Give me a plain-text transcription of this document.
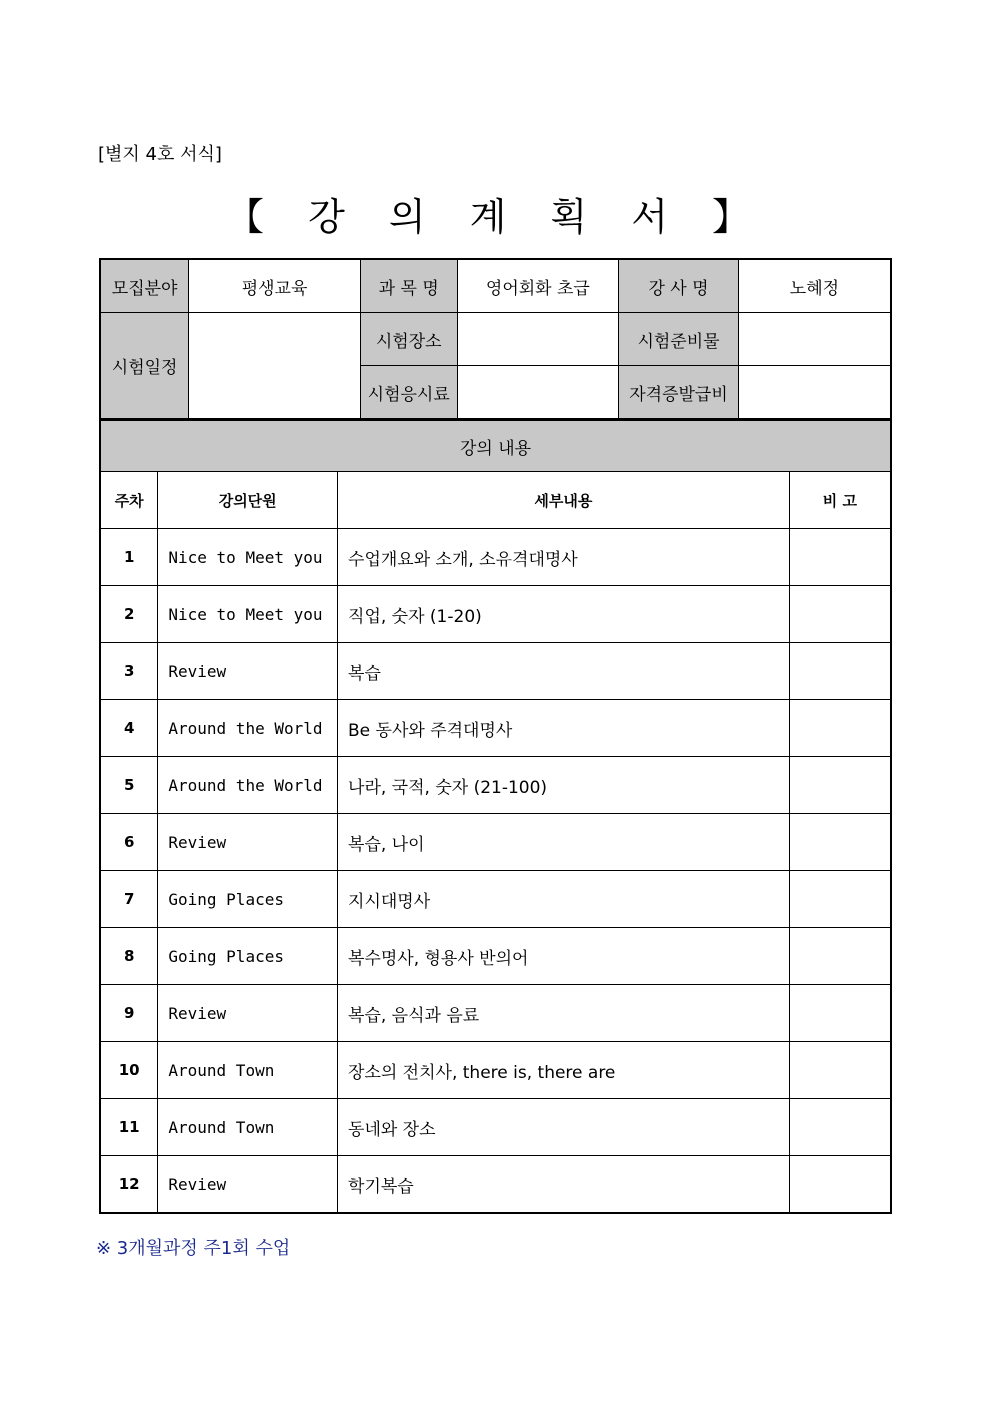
[별지 4호 서식]
【 강 의 계 획 서 】
모집분야	평생교육	과 목 명	영어회화 초급	강 사 명	노혜정
시험일정		시험장소		시험준비물	
		시험응시료		자격증발급비	
강의 내용			
주차	강의단원	세부내용	비 고
1	Nice to Meet you	수업개요와 소개, 소유격대명사	
2	Nice to Meet you	직업, 숫자 (1-20)	
3	Review	복습	
4	Around the World	Be 동사와 주격대명사	
5	Around the World	나라, 국적, 숫자 (21-100)	
6	Review	복습, 나이	
7	Going Places	지시대명사	
8	Going Places	복수명사, 형용사 반의어	
9	Review	복습, 음식과 음료	
10	Around Town	장소의 전치사, there is, there are	
11	Around Town	동네와 장소	
12	Review	학기복습	
※ 3개월과정 주1회 수업
